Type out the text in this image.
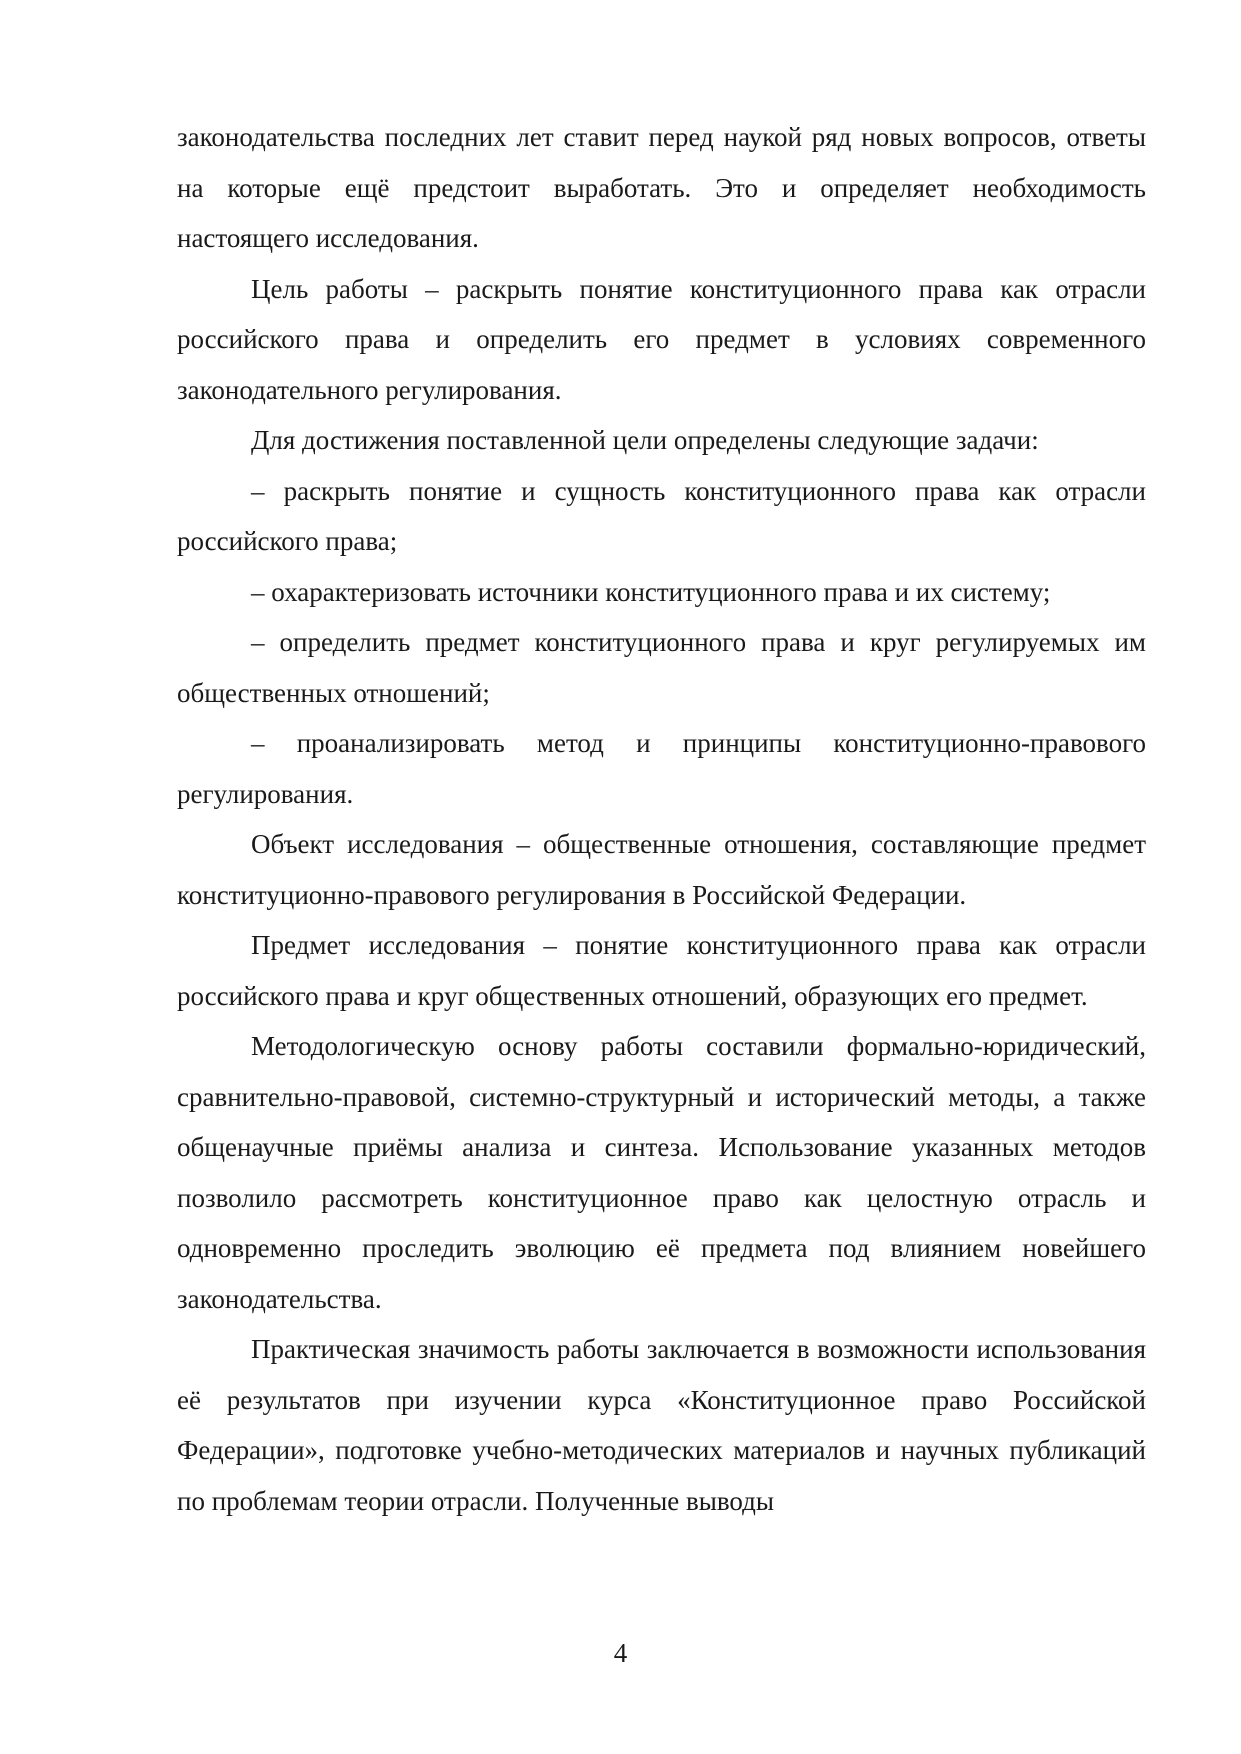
законодательства последних лет ставит перед наукой ряд новых вопросов, ответы на которые ещё предстоит выработать. Это и определяет необходимость настоящего исследования.

Цель работы – раскрыть понятие конституционного права как отрасли российского права и определить его предмет в условиях современного законодательного регулирования.

Для достижения поставленной цели определены следующие задачи:

– раскрыть понятие и сущность конституционного права как отрасли российского права;

– охарактеризовать источники конституционного права и их систему;

– определить предмет конституционного права и круг регулируемых им общественных отношений;

– проанализировать метод и принципы конституционно-правового регулирования.

Объект исследования – общественные отношения, составляющие предмет конституционно-правового регулирования в Российской Федерации.

Предмет исследования – понятие конституционного права как отрасли российского права и круг общественных отношений, образующих его предмет.

Методологическую основу работы составили формально-юридический, сравнительно-правовой, системно-структурный и исторический методы, а также общенаучные приёмы анализа и синтеза. Использование указанных методов позволило рассмотреть конституционное право как целостную отрасль и одновременно проследить эволюцию её предмета под влиянием новейшего законодательства.

Практическая значимость работы заключается в возможности использования её результатов при изучении курса «Конституционное право Российской Федерации», подготовке учебно-методических материалов и научных публикаций по проблемам теории отрасли. Полученные выводы

4
